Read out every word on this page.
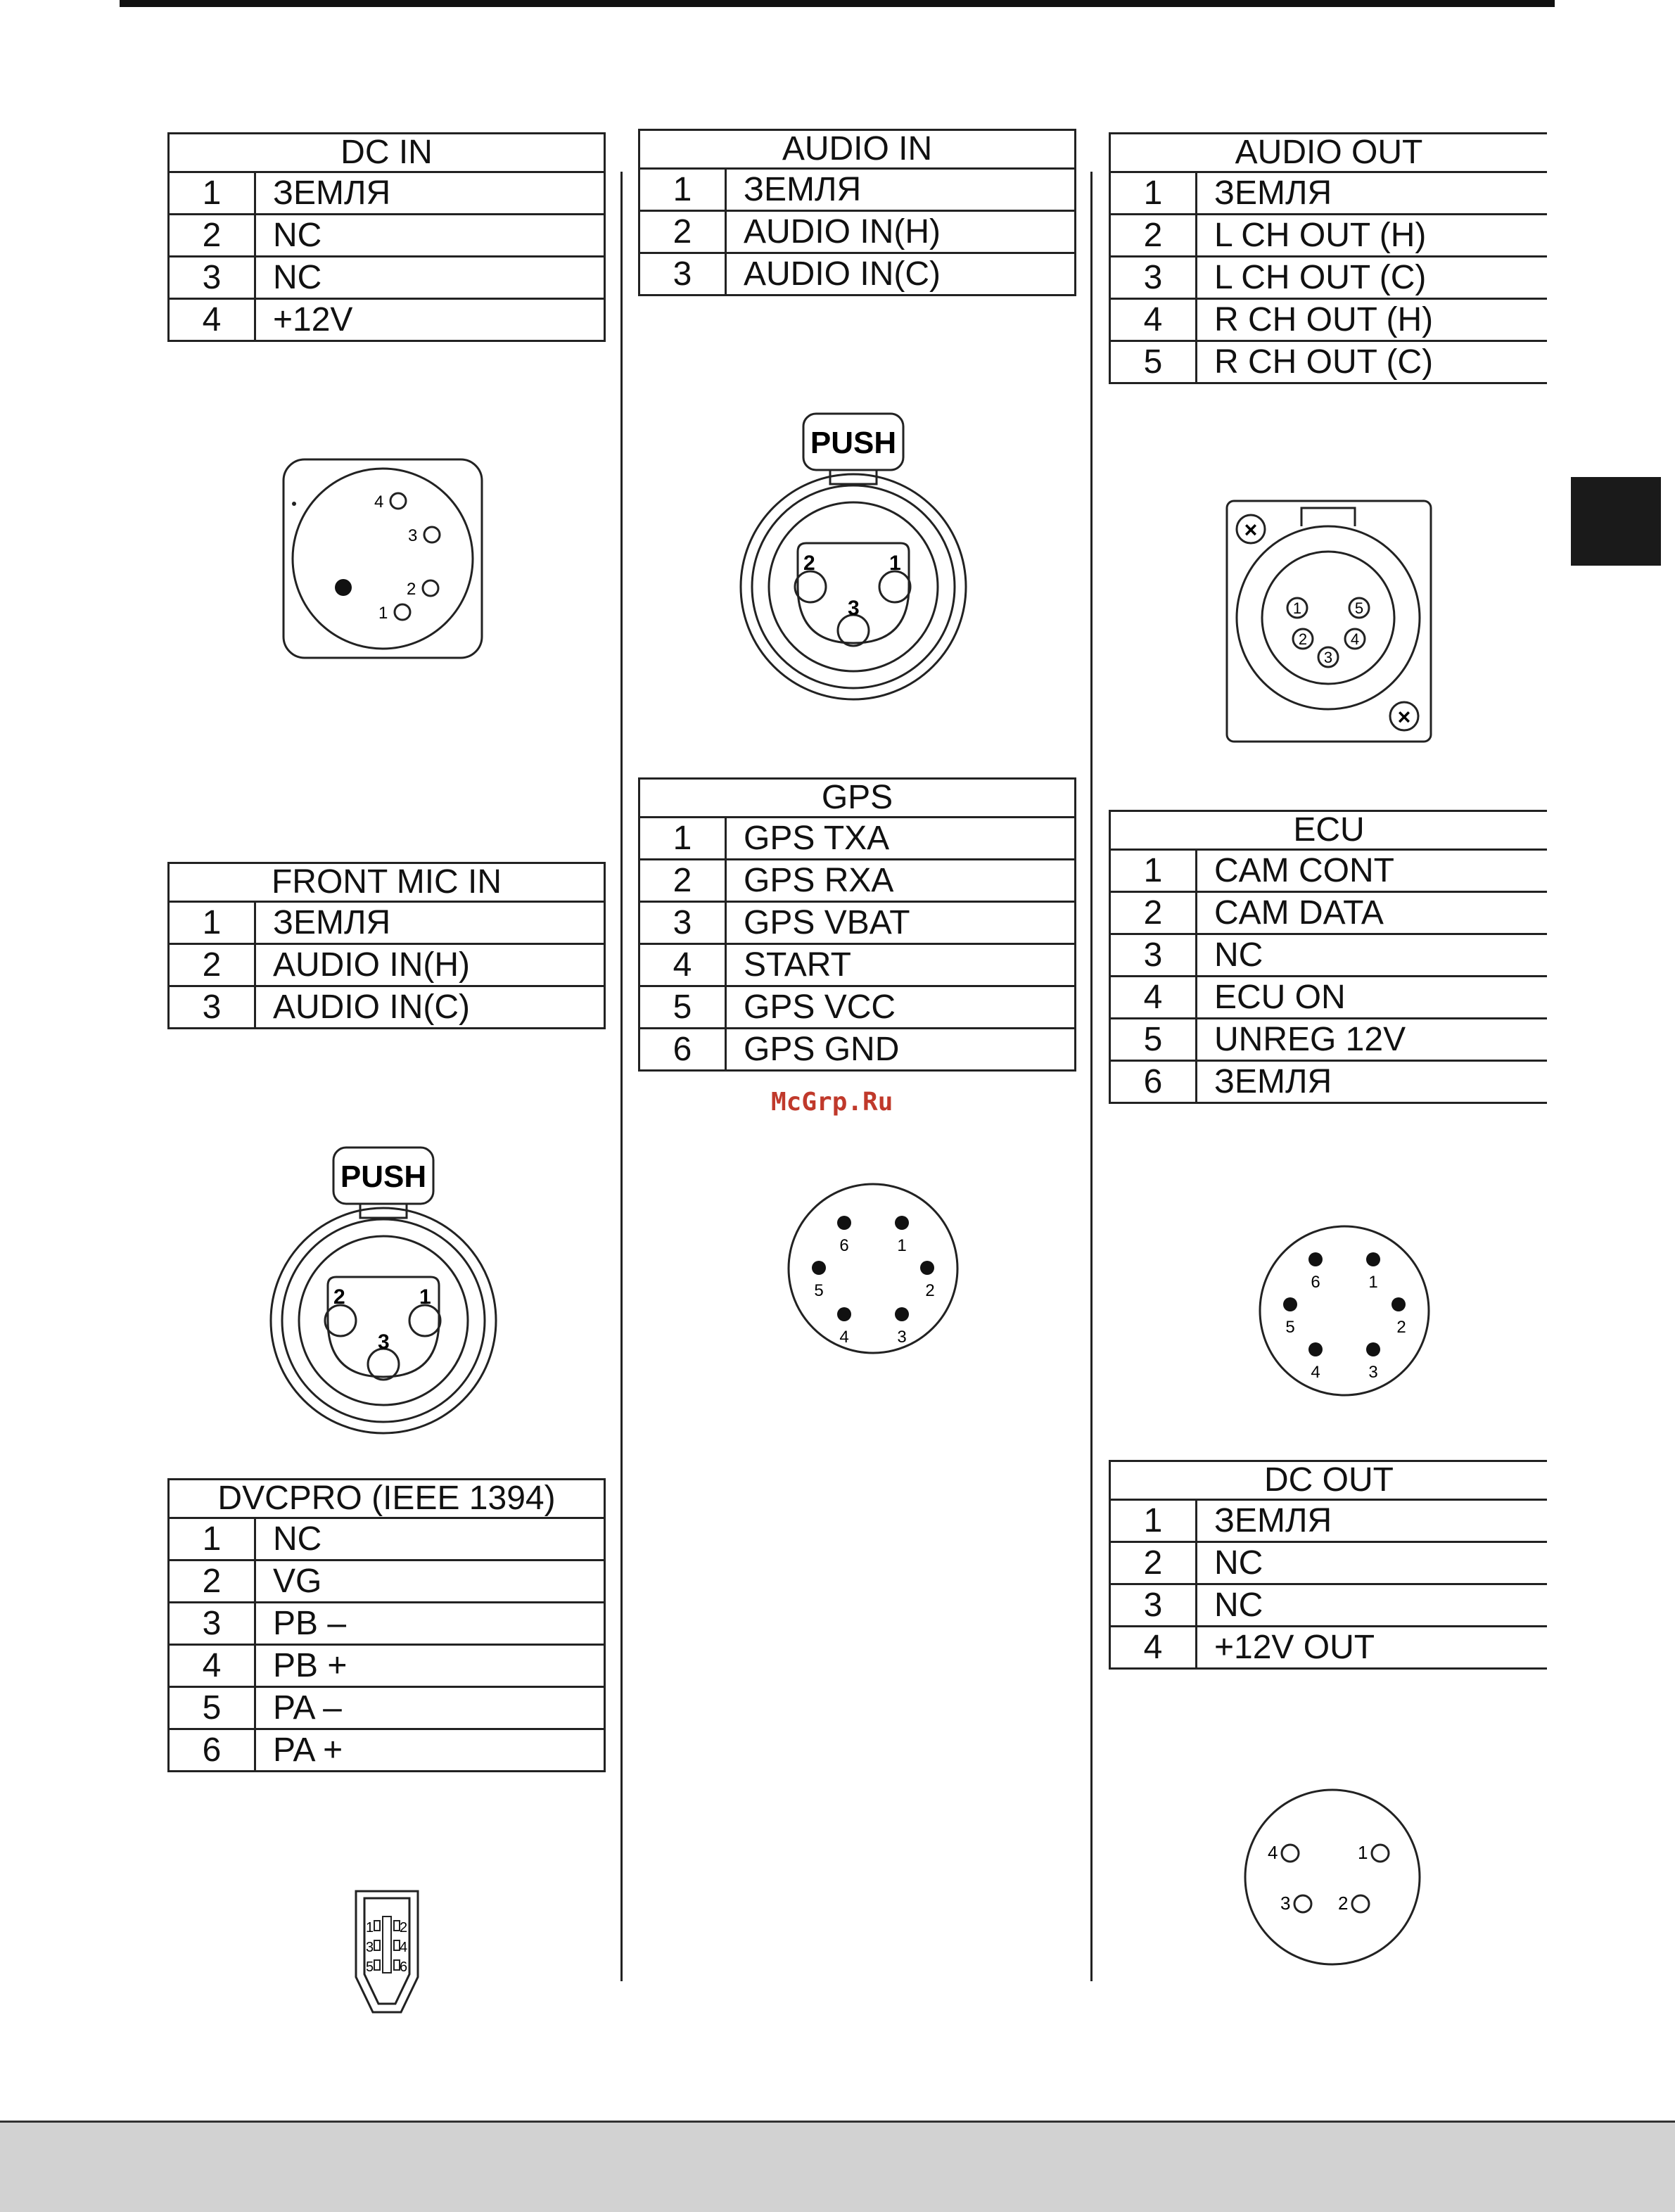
DC IN	
1	ЗЕМЛЯ
2	NC
3	NC
4	+12V
FRONT MIC IN	
1	ЗЕМЛЯ
2	AUDIO IN(H)
3	AUDIO IN(C)
DVCPRO (IEEE 1394)	
1	NC
2	VG
3	PB –
4	PB +
5	PA –
6	PA +
AUDIO IN	
1	ЗЕМЛЯ
2	AUDIO IN(H)
3	AUDIO IN(C)
GPS	
1	GPS TXA
2	GPS RXA
3	GPS VBAT
4	START
5	GPS VCC
6	GPS GND
AUDIO OUT	
1	ЗЕМЛЯ
2	L CH OUT (H)
3	L CH OUT (C)
4	R CH OUT (H)
5	R CH OUT (C)
ECU	
1	CAM CONT
2	CAM DATA
3	NC
4	ECU ON
5	UNREG 12V
6	ЗЕМЛЯ
DC OUT	
1	ЗЕМЛЯ
2	NC
3	NC
4	+12V OUT
McGrp.Ru
4
3
2
1
PUSH
2	1
3
PUSH
2	1
3
×
×
1	5
2	4
3
6	1
5	2
4	3
6	1
5	2
4	3
4	1
3	2
1 2
3 4
5 6
